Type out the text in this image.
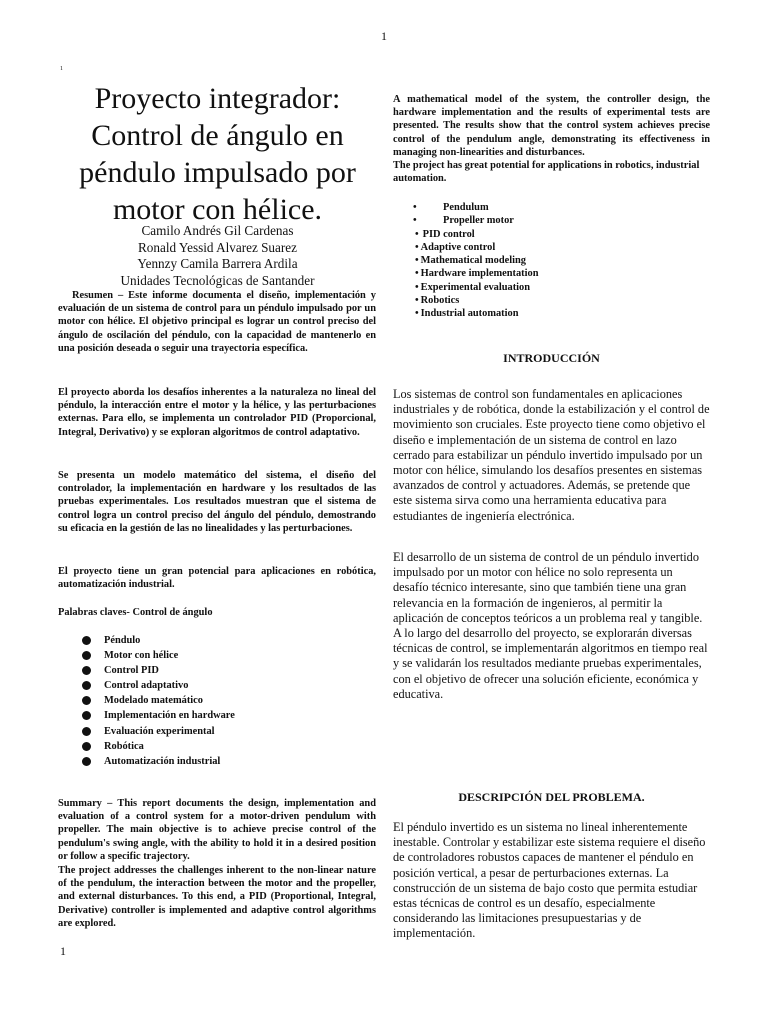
1
1
1
Proyecto integrador:
Control de ángulo en
péndulo impulsado por
motor con hélice.
Camilo Andrés Gil Cardenas
Ronald Yessid Alvarez Suarez
Yennzy Camila Barrera Ardila
Unidades Tecnológicas de Santander

Resumen – Este informe documenta el diseño, implementación y evaluación de un sistema de control para un péndulo impulsado por un motor con hélice. El objetivo principal es lograr un control preciso del ángulo de oscilación del péndulo, con la capacidad de mantenerlo en una posición deseada o seguir una trayectoria específica.

El proyecto aborda los desafíos inherentes a la naturaleza no lineal del péndulo, la interacción entre el motor y la hélice, y las perturbaciones externas. Para ello, se implementa un controlador PID (Proporcional, Integral, Derivativo) y se exploran algoritmos de control adaptativo.

Se presenta un modelo matemático del sistema, el diseño del controlador, la implementación en hardware y los resultados de las pruebas experimentales. Los resultados muestran que el sistema de control logra un control preciso del ángulo del péndulo, demostrando su eficacia en la gestión de las no linealidades y las perturbaciones.

El proyecto tiene un gran potencial para aplicaciones en robótica, automatización industrial.

Palabras claves- Control de ángulo

Péndulo
Motor con hélice
Control PID
Control adaptativo
Modelado matemático
Implementación en hardware
Evaluación experimental
Robótica
Automatización industrial

Summary – This report documents the design, implementation and evaluation of a control system for a motor-driven pendulum with propeller. The main objective is to achieve precise control of the pendulum's swing angle, with the ability to hold it in a desired position or follow a specific trajectory.

The project addresses the challenges inherent to the non-linear nature of the pendulum, the interaction between the motor and the propeller, and external disturbances. To this end, a PID (Proportional, Integral, Derivative) controller is implemented and adaptive control algorithms are explored.

A mathematical model of the system, the controller design, the hardware implementation and the results of experimental tests are presented. The results show that the control system achieves precise control of the pendulum angle, demonstrating its effectiveness in managing non-linearities and disturbances.

The project has great potential for applications in robotics, industrial automation.

•	Pendulum
•	Propeller motor
• PID control
• Adaptive control
• Mathematical modeling
• Hardware implementation
• Experimental evaluation
• Robotics
• Industrial automation
INTRODUCCIÓN

Los sistemas de control son fundamentales en aplicaciones industriales y de robótica, donde la estabilización y el control de movimiento son cruciales. Este proyecto tiene como objetivo el diseño e implementación de un sistema de control en lazo cerrado para estabilizar un péndulo invertido impulsado por un motor con hélice, simulando los desafíos presentes en sistemas avanzados de control y actuadores. Además, se pretende que este sistema sirva como una herramienta educativa para estudiantes de ingeniería electrónica.

El desarrollo de un sistema de control de un péndulo invertido impulsado por un motor con hélice no solo representa un desafío técnico interesante, sino que también tiene una gran relevancia en la formación de ingenieros, al permitir la aplicación de conceptos teóricos a un problema real y tangible. A lo largo del desarrollo del proyecto, se explorarán diversas técnicas de control, se implementarán algoritmos en tiempo real y se validarán los resultados mediante pruebas experimentales, con el objetivo de ofrecer una solución eficiente, económica y educativa.

DESCRIPCIÓN DEL PROBLEMA.

El péndulo invertido es un sistema no lineal inherentemente inestable. Controlar y estabilizar este sistema requiere el diseño de controladores robustos capaces de mantener el péndulo en posición vertical, a pesar de perturbaciones externas. La construcción de un sistema de bajo costo que permita estudiar estas técnicas de control es un desafío, especialmente considerando las limitaciones presupuestarias y de implementación.
